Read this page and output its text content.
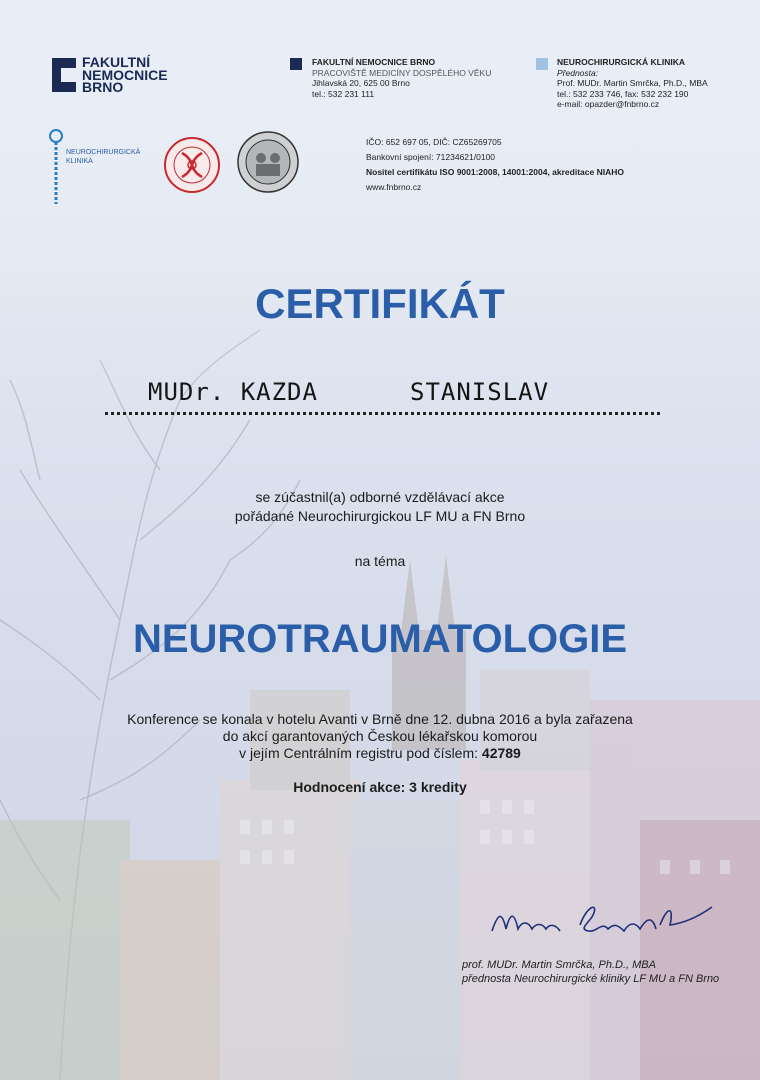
FAKULTNÍ
NEMOCNICE
BRNO
FAKULTNÍ NEMOCNICE BRNO
PRACOVIŠTĚ MEDICÍNY DOSPĚLÉHO VĚKU
Jihlavská 20, 625 00 Brno
tel.: 532 231 111
NEUROCHIRURGICKÁ KLINIKA
Přednosta:
Prof. MUDr. Martin Smrčka, Ph.D., MBA
tel.: 532 233 746, fax: 532 232 190
e-mail: opazder@fnbrno.cz
NEUROCHIRURGICKÁ
KLINIKA
IČO: 652 697 05, DIČ: CZ65269705
Bankovní spojení: 71234621/0100
Nositel certifikátu ISO 9001:2008, 14001:2004, akreditace NIAHO
www.fnbrno.cz
CERTIFIKÁT
MUDr. KAZDA	STANISLAV
se zúčastnil(a) odborné vzdělávací akce
pořádané Neurochirurgickou LF MU a FN Brno
na téma
NEUROTRAUMATOLOGIE
Konference se konala v hotelu Avanti v Brně dne 12. dubna 2016 a byla zařazena
do akcí garantovaných Českou lékařskou komorou
v jejím Centrálním registru pod číslem: 42789
Hodnocení akce: 3 kredity
prof. MUDr. Martin Smrčka, Ph.D., MBA
přednosta Neurochirurgické kliniky LF MU a FN Brno
